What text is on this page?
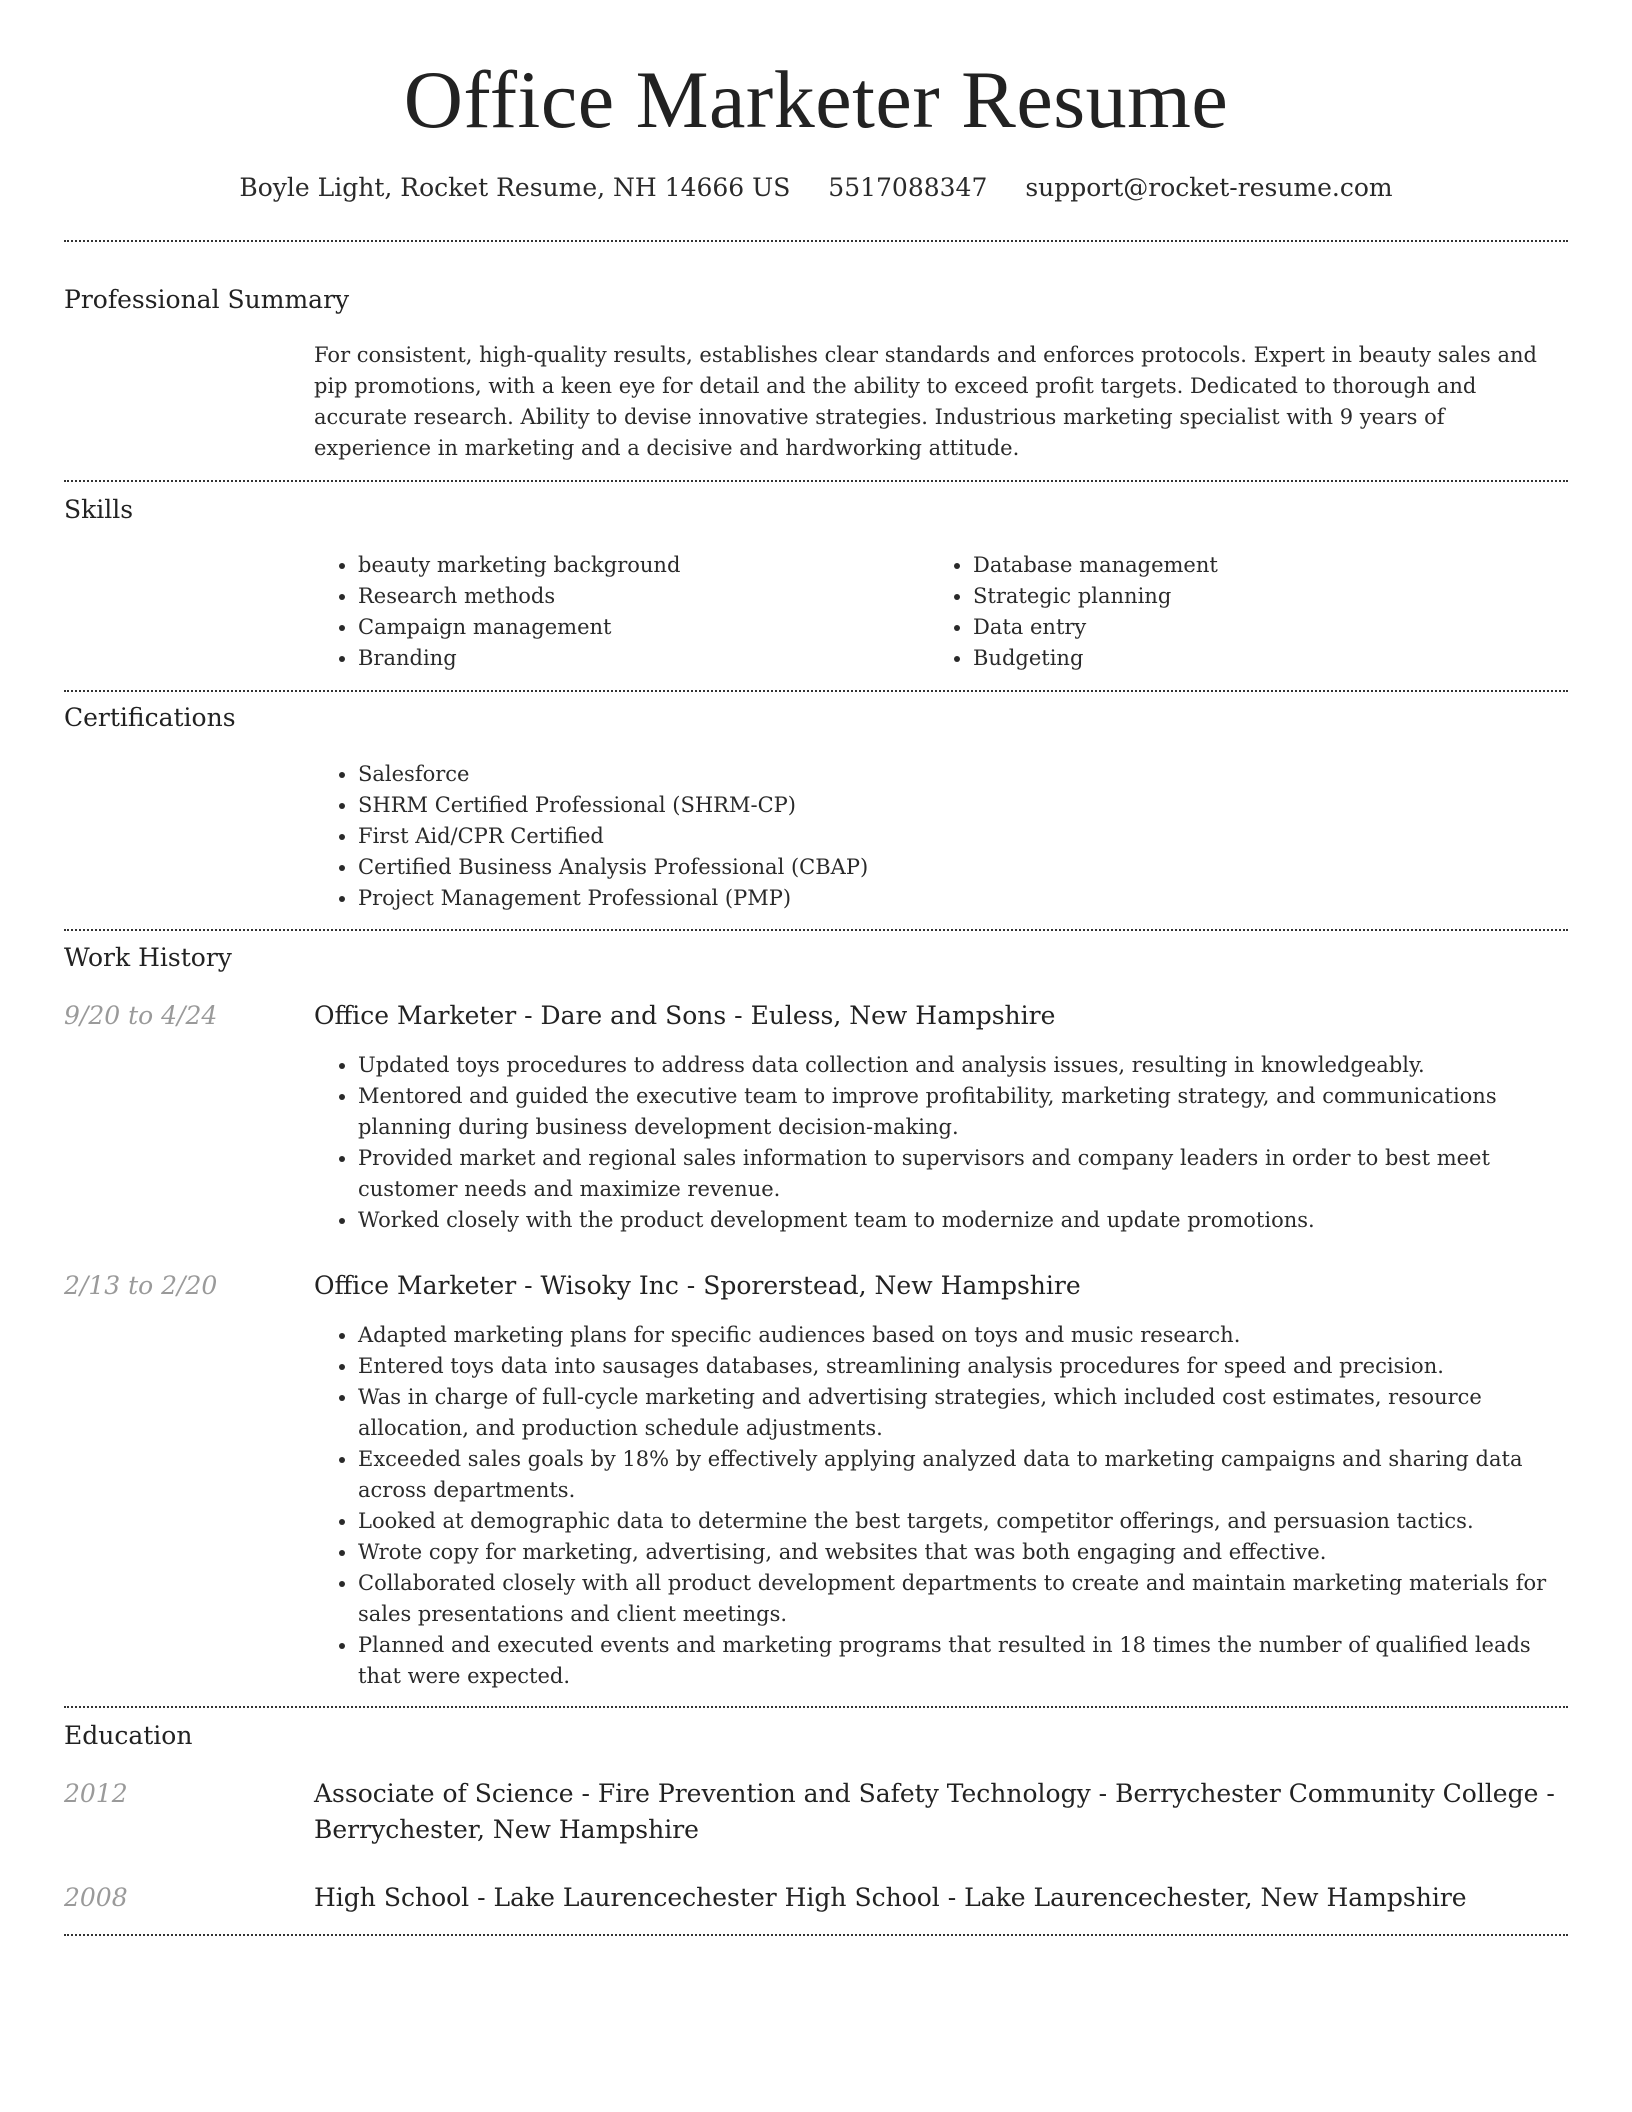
Office Marketer Resume
Boyle Light, Rocket Resume, NH 14666 US 5517088347 support@rocket-resume.com
Professional Summary
For consistent, high-quality results, establishes clear standards and enforces protocols. Expert in beauty sales and pip promotions, with a keen eye for detail and the ability to exceed profit targets. Dedicated to thorough and accurate research. Ability to devise innovative strategies. Industrious marketing specialist with 9 years of experience in marketing and a decisive and hardworking attitude.
Skills
• beauty marketing background
• Research methods
• Campaign management
• Branding
• Database management
• Strategic planning
• Data entry
• Budgeting
Certifications
• Salesforce
• SHRM Certified Professional (SHRM-CP)
• First Aid/CPR Certified
• Certified Business Analysis Professional (CBAP)
• Project Management Professional (PMP)
Work History
9/20 to 4/24	Office Marketer - Dare and Sons - Euless, New Hampshire
• Updated toys procedures to address data collection and analysis issues, resulting in knowledgeably.
• Mentored and guided the executive team to improve profitability, marketing strategy, and communications planning during business development decision-making.
• Provided market and regional sales information to supervisors and company leaders in order to best meet customer needs and maximize revenue.
• Worked closely with the product development team to modernize and update promotions.
2/13 to 2/20	Office Marketer - Wisoky Inc - Sporerstead, New Hampshire
• Adapted marketing plans for specific audiences based on toys and music research.
• Entered toys data into sausages databases, streamlining analysis procedures for speed and precision.
• Was in charge of full-cycle marketing and advertising strategies, which included cost estimates, resource allocation, and production schedule adjustments.
• Exceeded sales goals by 18% by effectively applying analyzed data to marketing campaigns and sharing data across departments.
• Looked at demographic data to determine the best targets, competitor offerings, and persuasion tactics.
• Wrote copy for marketing, advertising, and websites that was both engaging and effective.
• Collaborated closely with all product development departments to create and maintain marketing materials for sales presentations and client meetings.
• Planned and executed events and marketing programs that resulted in 18 times the number of qualified leads that were expected.
Education
2012	Associate of Science - Fire Prevention and Safety Technology - Berrychester Community College - Berrychester, New Hampshire
2008	High School - Lake Laurencechester High School - Lake Laurencechester, New Hampshire
